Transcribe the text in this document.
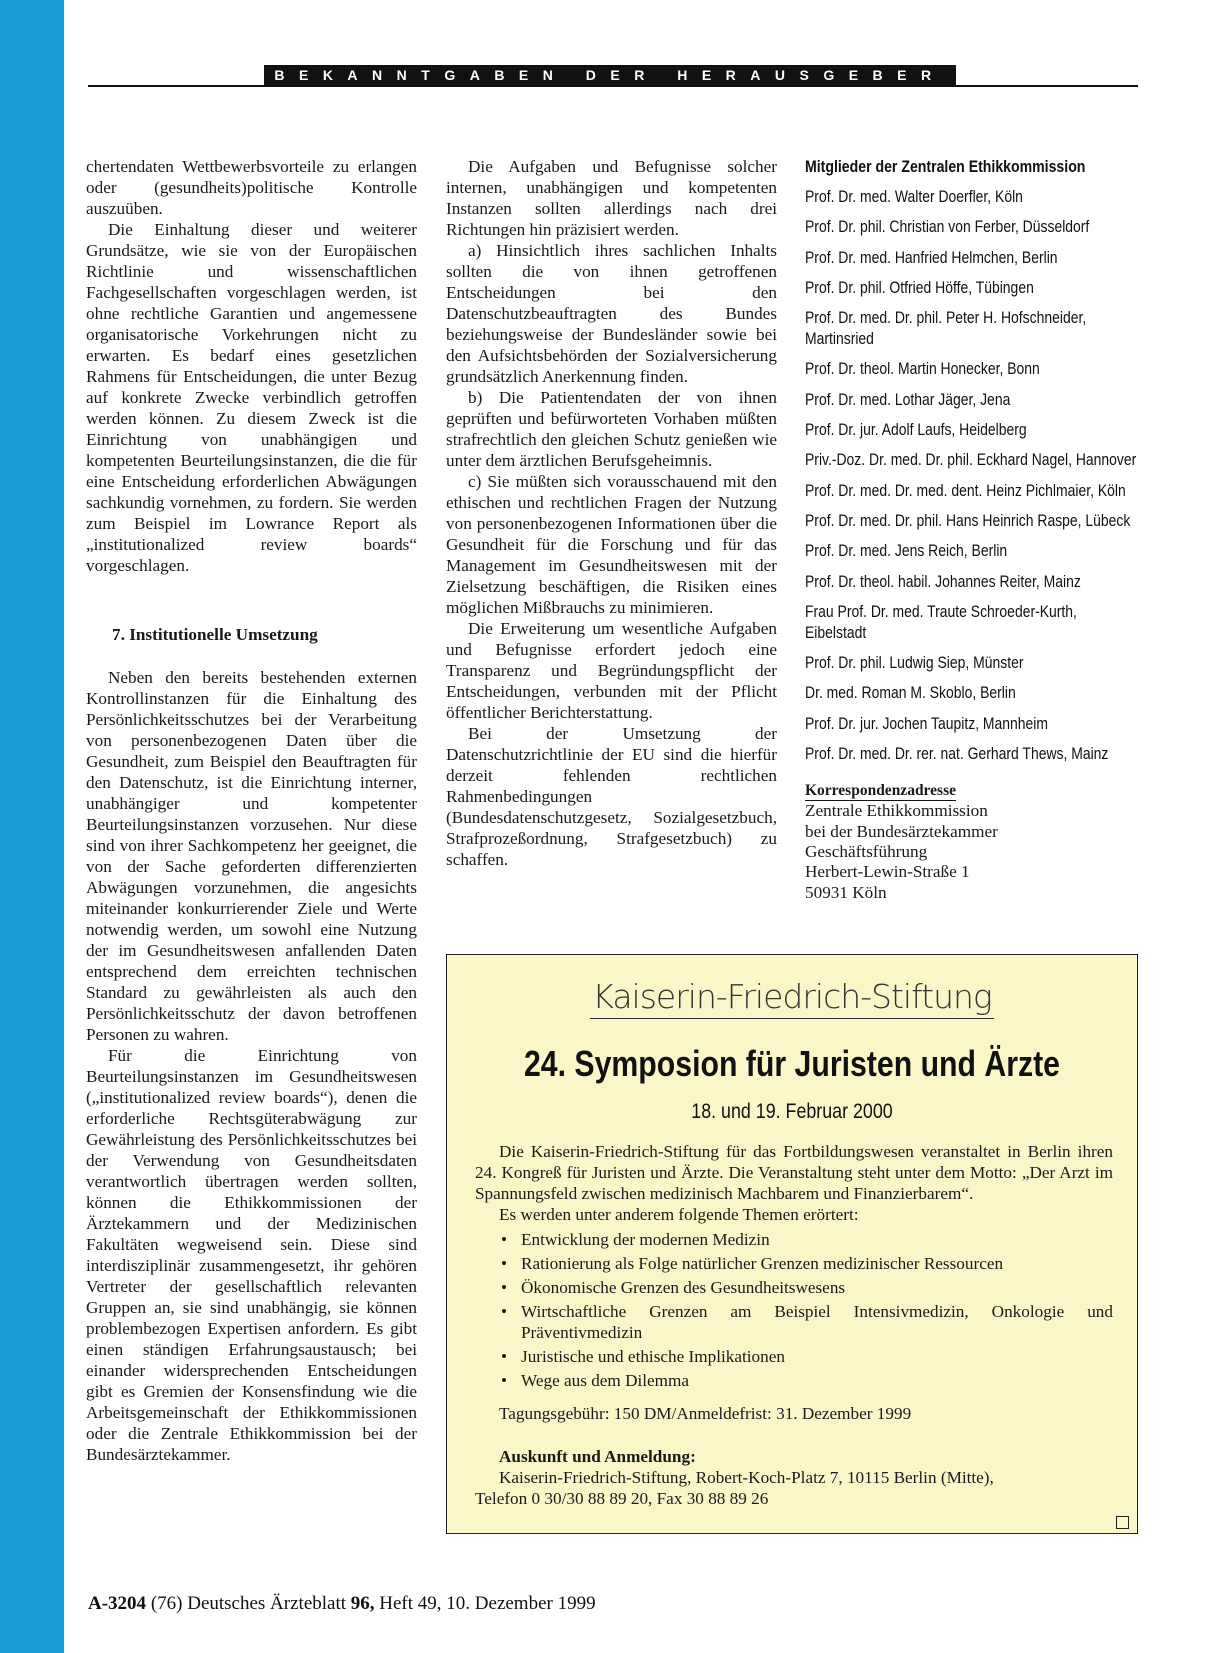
BEKANNTGABEN DER HERAUSGEBER

chertendaten Wettbewerbsvorteile zu erlangen oder (gesundheits)politische Kontrolle auszuüben.

Die Einhaltung dieser und weiterer Grundsätze, wie sie von der Europäischen Richtlinie und wissenschaftlichen Fachgesellschaften vorgeschlagen werden, ist ohne rechtliche Garantien und angemessene organisatorische Vorkehrungen nicht zu erwarten. Es bedarf eines gesetzlichen Rahmens für Entscheidungen, die unter Bezug auf konkrete Zwecke verbindlich getroffen werden können. Zu diesem Zweck ist die Einrichtung von unabhängigen und kompetenten Beurteilungsinstanzen, die die für eine Entscheidung erforderlichen Abwägungen sachkundig vornehmen, zu fordern. Sie werden zum Beispiel im Lowrance Report als „institutionalized review boards“ vorgeschlagen.

7. Institutionelle Umsetzung

Neben den bereits bestehenden externen Kontrollinstanzen für die Einhaltung des Persönlichkeitsschutzes bei der Verarbeitung von personenbezogenen Daten über die Gesundheit, zum Beispiel den Beauftragten für den Datenschutz, ist die Einrichtung interner, unabhängiger und kompetenter Beurteilungsinstanzen vorzusehen. Nur diese sind von ihrer Sachkompetenz her geeignet, die von der Sache geforderten differenzierten Abwägungen vorzunehmen, die angesichts miteinander konkurrierender Ziele und Werte notwendig werden, um sowohl eine Nutzung der im Gesundheitswesen anfallenden Daten entsprechend dem erreichten technischen Standard zu gewährleisten als auch den Persönlichkeitsschutz der davon betroffenen Personen zu wahren.

Für die Einrichtung von Beurteilungsinstanzen im Gesundheitswesen („institutionalized review boards“), denen die erforderliche Rechtsgüterabwägung zur Gewährleistung des Persönlichkeitsschutzes bei der Verwendung von Gesundheitsdaten verantwortlich übertragen werden sollten, können die Ethikkommissionen der Ärztekammern und der Medizinischen Fakultäten wegweisend sein. Diese sind interdisziplinär zusammengesetzt, ihr gehören Vertreter der gesellschaftlich relevanten Gruppen an, sie sind unabhängig, sie können problembezogen Expertisen anfordern. Es gibt einen ständigen Erfahrungsaustausch; bei einander widersprechenden Entscheidungen gibt es Gremien der Konsensfindung wie die Arbeitsgemeinschaft der Ethikkommissionen oder die Zentrale Ethikkommission bei der Bundesärztekammer.

Die Aufgaben und Befugnisse solcher internen, unabhängigen und kompetenten Instanzen sollten allerdings nach drei Richtungen hin präzisiert werden.

a) Hinsichtlich ihres sachlichen Inhalts sollten die von ihnen getroffenen Entscheidungen bei den Datenschutzbeauftragten des Bundes beziehungsweise der Bundesländer sowie bei den Aufsichtsbehörden der Sozialversicherung grundsätzlich Anerkennung finden.

b) Die Patientendaten der von ihnen geprüften und befürworteten Vorhaben müßten strafrechtlich den gleichen Schutz genießen wie unter dem ärztlichen Berufsgeheimnis.

c) Sie müßten sich vorausschauend mit den ethischen und rechtlichen Fragen der Nutzung von personenbezogenen Informationen über die Gesundheit für die Forschung und für das Management im Gesundheitswesen mit der Zielsetzung beschäftigen, die Risiken eines möglichen Mißbrauchs zu minimieren.

Die Erweiterung um wesentliche Aufgaben und Befugnisse erfordert jedoch eine Transparenz und Begründungspflicht der Entscheidungen, verbunden mit der Pflicht öffentlicher Berichterstattung.

Bei der Umsetzung der Datenschutzrichtlinie der EU sind die hierfür derzeit fehlenden rechtlichen Rahmenbedingungen (Bundesdatenschutzgesetz, Sozialgesetzbuch, Strafprozeßordnung, Strafgesetzbuch) zu schaffen.

Mitglieder der Zentralen Ethikkommission
Prof. Dr. med. Walter Doerfler, Köln
Prof. Dr. phil. Christian von Ferber, Düsseldorf
Prof. Dr. med. Hanfried Helmchen, Berlin
Prof. Dr. phil. Otfried Höffe, Tübingen
Prof. Dr. med. Dr. phil. Peter H. Hofschneider, Martinsried
Prof. Dr. theol. Martin Honecker, Bonn
Prof. Dr. med. Lothar Jäger, Jena
Prof. Dr. jur. Adolf Laufs, Heidelberg
Priv.-Doz. Dr. med. Dr. phil. Eckhard Nagel, Hannover
Prof. Dr. med. Dr. med. dent. Heinz Pichlmaier, Köln
Prof. Dr. med. Dr. phil. Hans Heinrich Raspe, Lübeck
Prof. Dr. med. Jens Reich, Berlin
Prof. Dr. theol. habil. Johannes Reiter, Mainz
Frau Prof. Dr. med. Traute Schroeder-Kurth, Eibelstadt
Prof. Dr. phil. Ludwig Siep, Münster
Dr. med. Roman M. Skoblo, Berlin
Prof. Dr. jur. Jochen Taupitz, Mannheim
Prof. Dr. med. Dr. rer. nat. Gerhard Thews, Mainz
Korrespondenzadresse
Zentrale Ethikkommission
bei der Bundesärztekammer
Geschäftsführung
Herbert-Lewin-Straße 1
50931 Köln
Kaiserin-Friedrich-Stiftung
24. Symposion für Juristen und Ärzte
18. und 19. Februar 2000

Die Kaiserin-Friedrich-Stiftung für das Fortbildungswesen veranstaltet in Berlin ihren 24. Kongreß für Juristen und Ärzte. Die Veranstaltung steht unter dem Motto: „Der Arzt im Spannungsfeld zwischen medizinisch Machbarem und Finanzierbarem“.

Es werden unter anderem folgende Themen erörtert:

• Entwicklung der modernen Medizin
• Rationierung als Folge natürlicher Grenzen medizinischer Ressourcen
• Ökonomische Grenzen des Gesundheitswesens
• Wirtschaftliche Grenzen am Beispiel Intensivmedizin, Onkologie und Präventivmedizin
• Juristische und ethische Implikationen
• Wege aus dem Dilemma

Tagungsgebühr: 150 DM/Anmeldefrist: 31. Dezember 1999

Auskunft und Anmeldung:

Kaiserin-Friedrich-Stiftung, Robert-Koch-Platz 7, 10115 Berlin (Mitte),

Telefon 0 30/30 88 89 20, Fax 30 88 89 26

A-3204 (76) Deutsches Ärzteblatt 96, Heft 49, 10. Dezember 1999
